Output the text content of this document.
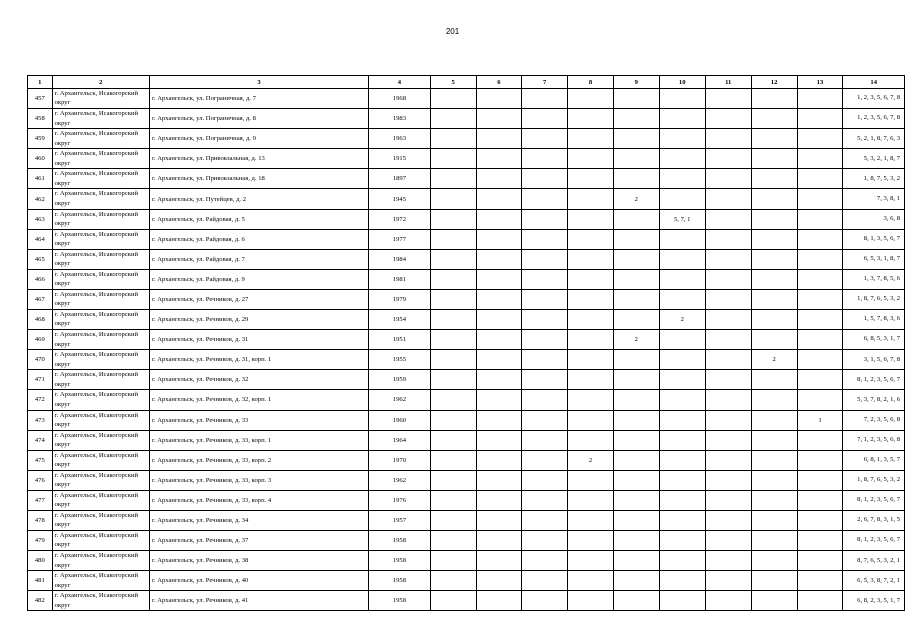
201
1	2	3	4	5	6	7	8	9	10	11	12	13	14
457	г. Архангельск, Исакогорский округ	г. Архангельск, ул. Пограничная, д. 7	1968										1, 2, 3, 5, 6, 7, 8
458	г. Архангельск, Исакогорский округ	г. Архангельск, ул. Пограничная, д. 8	1983										1, 2, 3, 5, 6, 7, 8
459	г. Архангельск, Исакогорский округ	г. Архангельск, ул. Пограничная, д. 9	1963										5, 2, 1, 8, 7, 6, 3
460	г. Архангельск, Исакогорский округ	г. Архангельск, ул. Привокзальная, д. 13	1915										5, 3, 2, 1, 8, 7
461	г. Архангельск, Исакогорский округ	г. Архангельск, ул. Привокзальная, д. 18	1897										1, 8, 7, 5, 3, 2
462	г. Архангельск, Исакогорский округ	г. Архангельск, ул. Путейцев, д. 2	1945					2					7, 3, 8, 1
463	г. Архангельск, Исакогорский округ	г. Архангельск, ул. Райдовая, д. 5	1972						5, 7, 1				3, 6, 8
464	г. Архангельск, Исакогорский округ	г. Архангельск, ул. Райдовая, д. 6	1977										8, 1, 3, 5, 6, 7
465	г. Архангельск, Исакогорский округ	г. Архангельск, ул. Райдовая, д. 7	1984										6, 5, 3, 1, 8, 7
466	г. Архангельск, Исакогорский округ	г. Архангельск, ул. Райдовая, д. 9	1981										1, 3, 7, 8, 5, 6
467	г. Архангельск, Исакогорский округ	г. Архангельск, ул. Речников, д. 27	1979										1, 8, 7, 6, 5, 3, 2
468	г. Архангельск, Исакогорский округ	г. Архангельск, ул. Речников, д. 29	1954						2				1, 5, 7, 8, 3, 6
469	г. Архангельск, Исакогорский округ	г. Архангельск, ул. Речников, д. 31	1951					2					6, 8, 5, 3, 1, 7
470	г. Архангельск, Исакогорский округ	г. Архангельск, ул. Речников, д. 31, корп. 1	1955								2		3, 1, 5, 6, 7, 8
471	г. Архангельск, Исакогорский округ	г. Архангельск, ул. Речников, д. 32	1959										8, 1, 2, 3, 5, 6, 7
472	г. Архангельск, Исакогорский округ	г. Архангельск, ул. Речников, д. 32, корп. 1	1962										5, 3, 7, 8, 2, 1, 6
473	г. Архангельск, Исакогорский округ	г. Архангельск, ул. Речников, д. 33	1960									1	7, 2, 3, 5, 6, 8
474	г. Архангельск, Исакогорский округ	г. Архангельск, ул. Речников, д. 33, корп. 1	1964										7, 1, 2, 3, 5, 6, 8
475	г. Архангельск, Исакогорский округ	г. Архангельск, ул. Речников, д. 33, корп. 2	1970				2						6, 8, 1, 3, 5, 7
476	г. Архангельск, Исакогорский округ	г. Архангельск, ул. Речников, д. 33, корп. 3	1962										1, 8, 7, 6, 5, 3, 2
477	г. Архангельск, Исакогорский округ	г. Архангельск, ул. Речников, д. 33, корп. 4	1976										8, 1, 2, 3, 5, 6, 7
478	г. Архангельск, Исакогорский округ	г. Архангельск, ул. Речников, д. 34	1957										2, 6, 7, 8, 3, 1, 5
479	г. Архангельск, Исакогорский округ	г. Архангельск, ул. Речников, д. 37	1958										8, 1, 2, 3, 5, 6, 7
480	г. Архангельск, Исакогорский округ	г. Архангельск, ул. Речников, д. 38	1958										8, 7, 6, 5, 3, 2, 1
481	г. Архангельск, Исакогорский округ	г. Архангельск, ул. Речников, д. 40	1958										6, 5, 3, 8, 7, 2, 1
482	г. Архангельск, Исакогорский округ	г. Архангельск, ул. Речников, д. 41	1958										6, 8, 2, 3, 5, 1, 7
